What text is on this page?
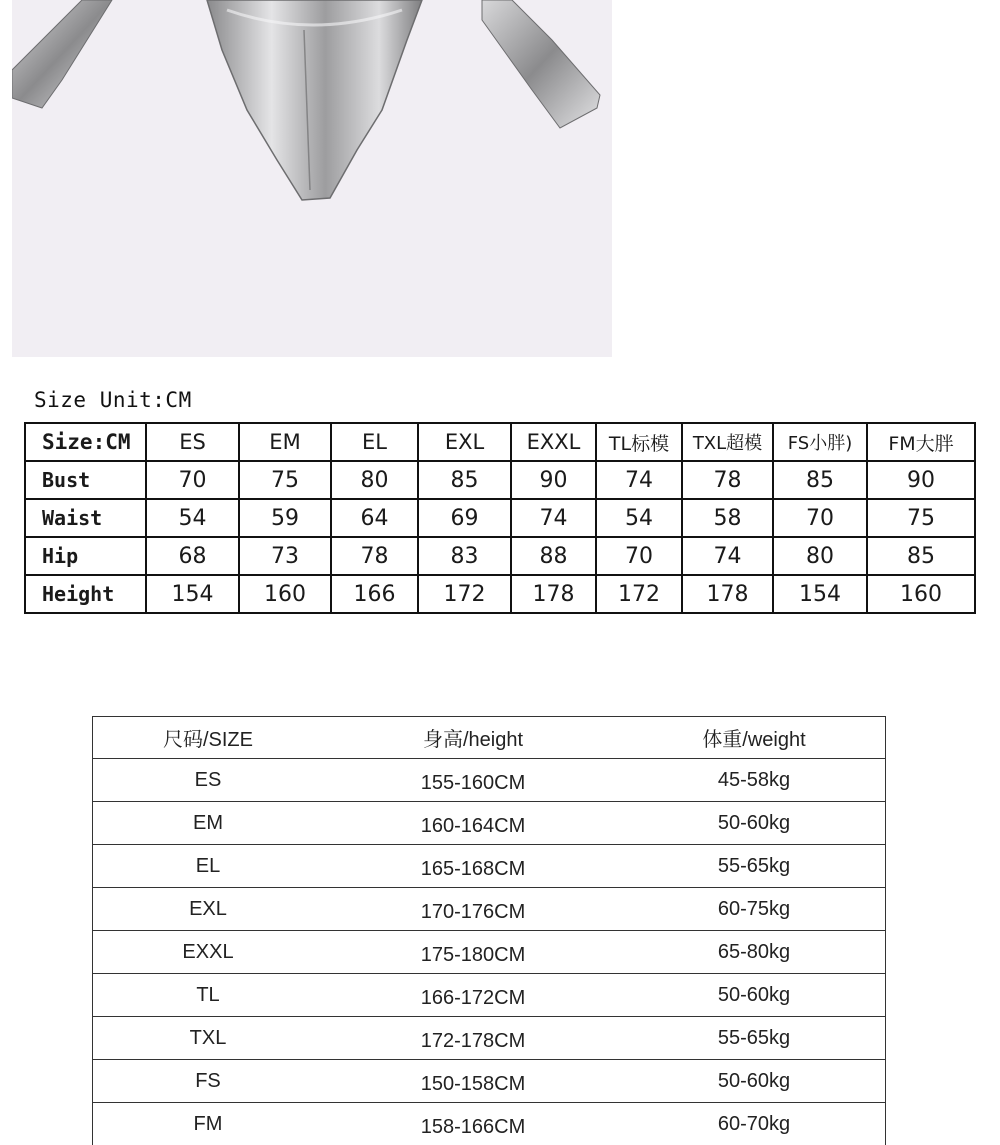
Size Unit:CM
Size:CM	ES	EM	EL	EXL	EXXL	TL标模	TXL超模	FS小胖)	FM大胖
Bust	70	75	80	85	90	74	78	85	90
Waist	54	59	64	69	74	54	58	70	75
Hip	68	73	78	83	88	70	74	80	85
Height	154	160	166	172	178	172	178	154	160
尺码/SIZE	身高/height	体重/weight
ES	155-160CM	45-58kg
EM	160-164CM	50-60kg
EL	165-168CM	55-65kg
EXL	170-176CM	60-75kg
EXXL	175-180CM	65-80kg
TL	166-172CM	50-60kg
TXL	172-178CM	55-65kg
FS	150-158CM	50-60kg
FM	158-166CM	60-70kg
